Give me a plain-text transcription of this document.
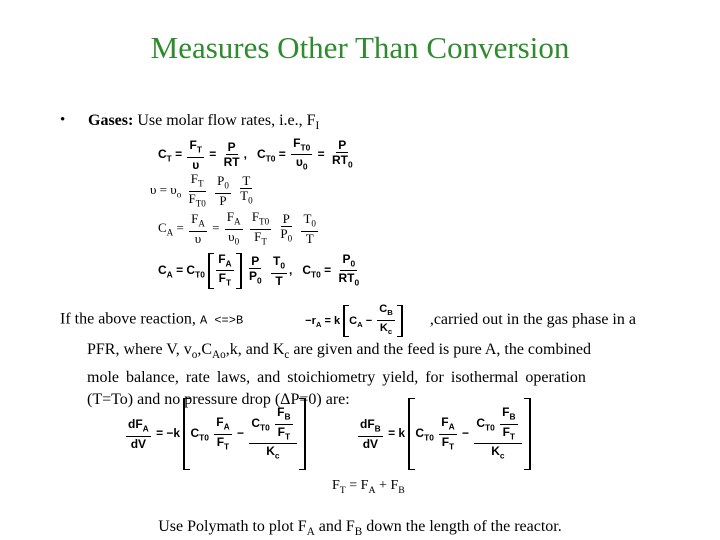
Measures Other Than Conversion
• Gases: Use molar flow rates, i.e., $F_I$
$C_T = \frac{F_T}{\upsilon} = \frac{P}{RT}$ ,   $C_{T0} = \frac{F_{T0}}{\upsilon_0} = \frac{P}{RT_0}$
$\upsilon = \upsilon_o \frac{F_T}{F_{T0}}$
$\frac{P_0}{P}$
$\frac{T}{T_0}$
$C_A = \frac{F_A}{\upsilon} = \frac{F_A}{\upsilon_0}$
$\frac{F_{T0}}{F_T}$
$\frac{P}{P_0}$
$\frac{T_0}{T}$
$C_A = C_{T0} \frac{F_A}{F_T}$
$\frac{P}{P_0}$
$\frac{T_0}{T}$ ,   $C_{T0} = \frac{P_0}{RT_0}$
If the above reaction, A <=>B	$-r_A = k$ $C_A - \frac{C_B}{K_c}$ ,carried out in the gas phase in a
PFR, where V, $v_o,C_{Ao},k$, and $K_c$ are given and the feed is pure A, the combined
mole balance, rate laws, and stoichiometry yield, for isothermal operation
(T=To) and no pressure drop (ΔP=0) are:
$\frac{dF_A}{dV} = -k$ $C_{T0} \frac{F_A}{F_T} - \frac{C_{T0} \frac{F_B}{F_T}}{K_c}$	$\frac{dF_B}{dV} = k$ $C_{T0} \frac{F_A}{F_T} - \frac{C_{T0} \frac{F_B}{F_T}}{K_c}$
$F_T = F_A + F_B$
Use Polymath to plot $F_A$ and $F_B$ down the length of the reactor.
